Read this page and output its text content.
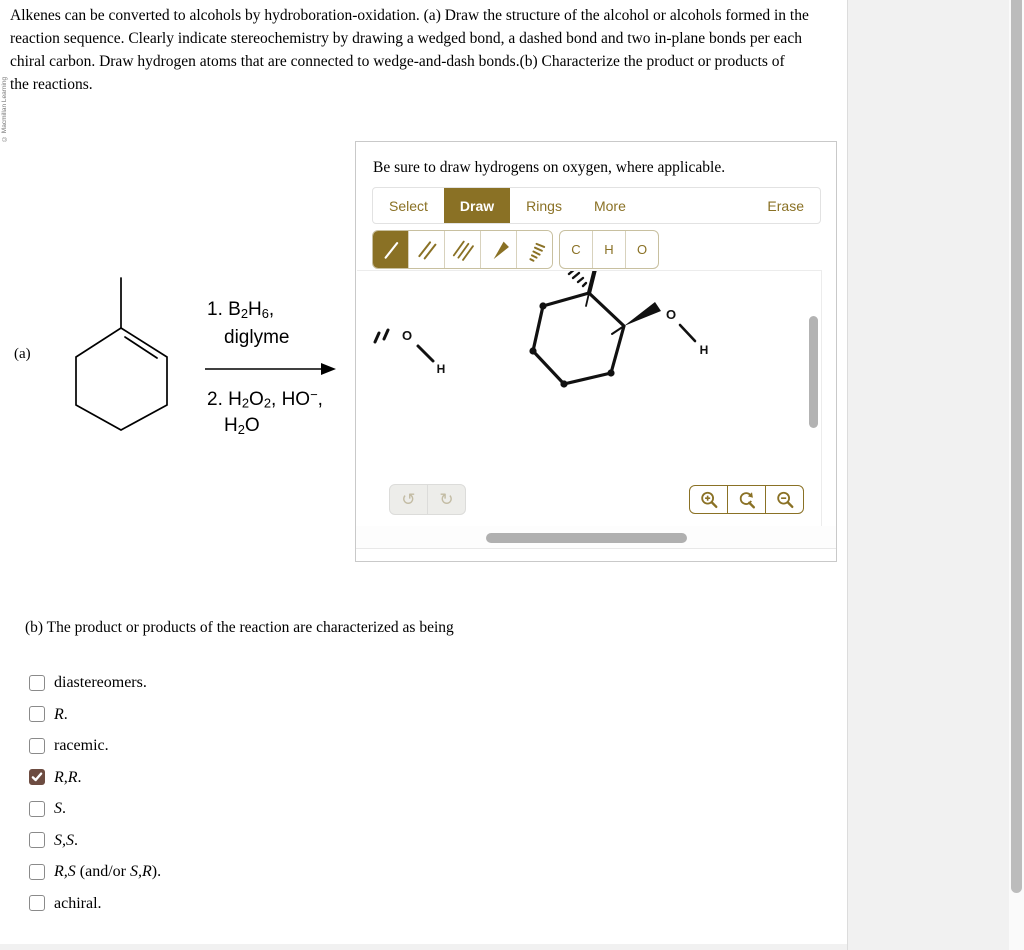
© Macmillan Learning
Alkenes can be converted to alcohols by hydroboration-oxidation. (a) Draw the structure of the alcohol or alcohols formed in the
reaction sequence. Clearly indicate stereochemistry by drawing a wedged bond, a dashed bond and two in-plane bonds per each
chiral carbon. Draw hydrogen atoms that are connected to wedge-and-dash bonds.(b) Characterize the product or products of
the reactions.
(a)
1. $B_2H_6$,
diglyme
2. $H_2O_2$, HO−,
$H_2O$
Be sure to draw hydrogens on oxygen, where applicable.
Select	Draw	Rings	More	Erase
C	H	O
O
H
O
H
↺ ↻
(b) The product or products of the reaction are characterized as being
diastereomers.
R.
racemic.
R,R.
S.
S,S.
R,S (and/or S,R).
achiral.
